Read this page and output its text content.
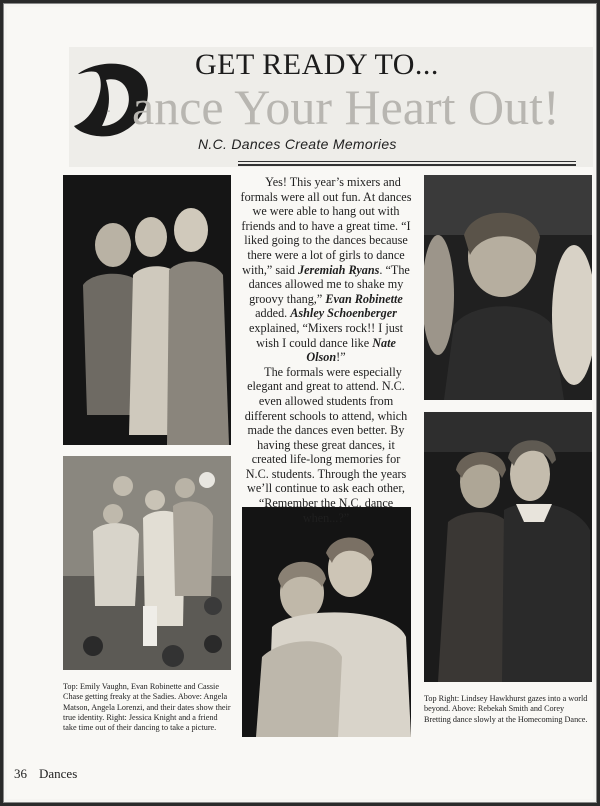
GET READY TO...
D ance Your Heart Out!
N.C. Dances Create Memories

Yes! This year’s mixers and formals were all out fun. At dances we were able to hang out with friends and to have a great time. “I liked going to the dances because there were a lot of girls to dance with,” said Jeremiah Ryans. “The dances allowed me to shake my groovy thang,” Evan Robinette added. Ashley Schoenberger explained, “Mixers rock!! I just wish I could dance like Nate Olson!”

The formals were especially elegant and great to attend. N.C. even allowed students from different schools to attend, which made the dances even better. By having these great dances, it created life-long memories for N.C. students. Through the years we’ll continue to ask each other, “Remember the N.C. dance when...?”

Top: Emily Vaughn, Evan Robinette and Cassie Chase getting freaky at the Sadies. Above: Angela Matson, Angela Lorenzi, and their dates show their true identity. Right: Jessica Knight and a friend take time out of their dancing to take a picture.
Top Right: Lindsey Hawkhurst gazes into a world beyond. Above: Rebekah Smith and Corey Bretting dance slowly at the Homecoming Dance.
36 Dances
